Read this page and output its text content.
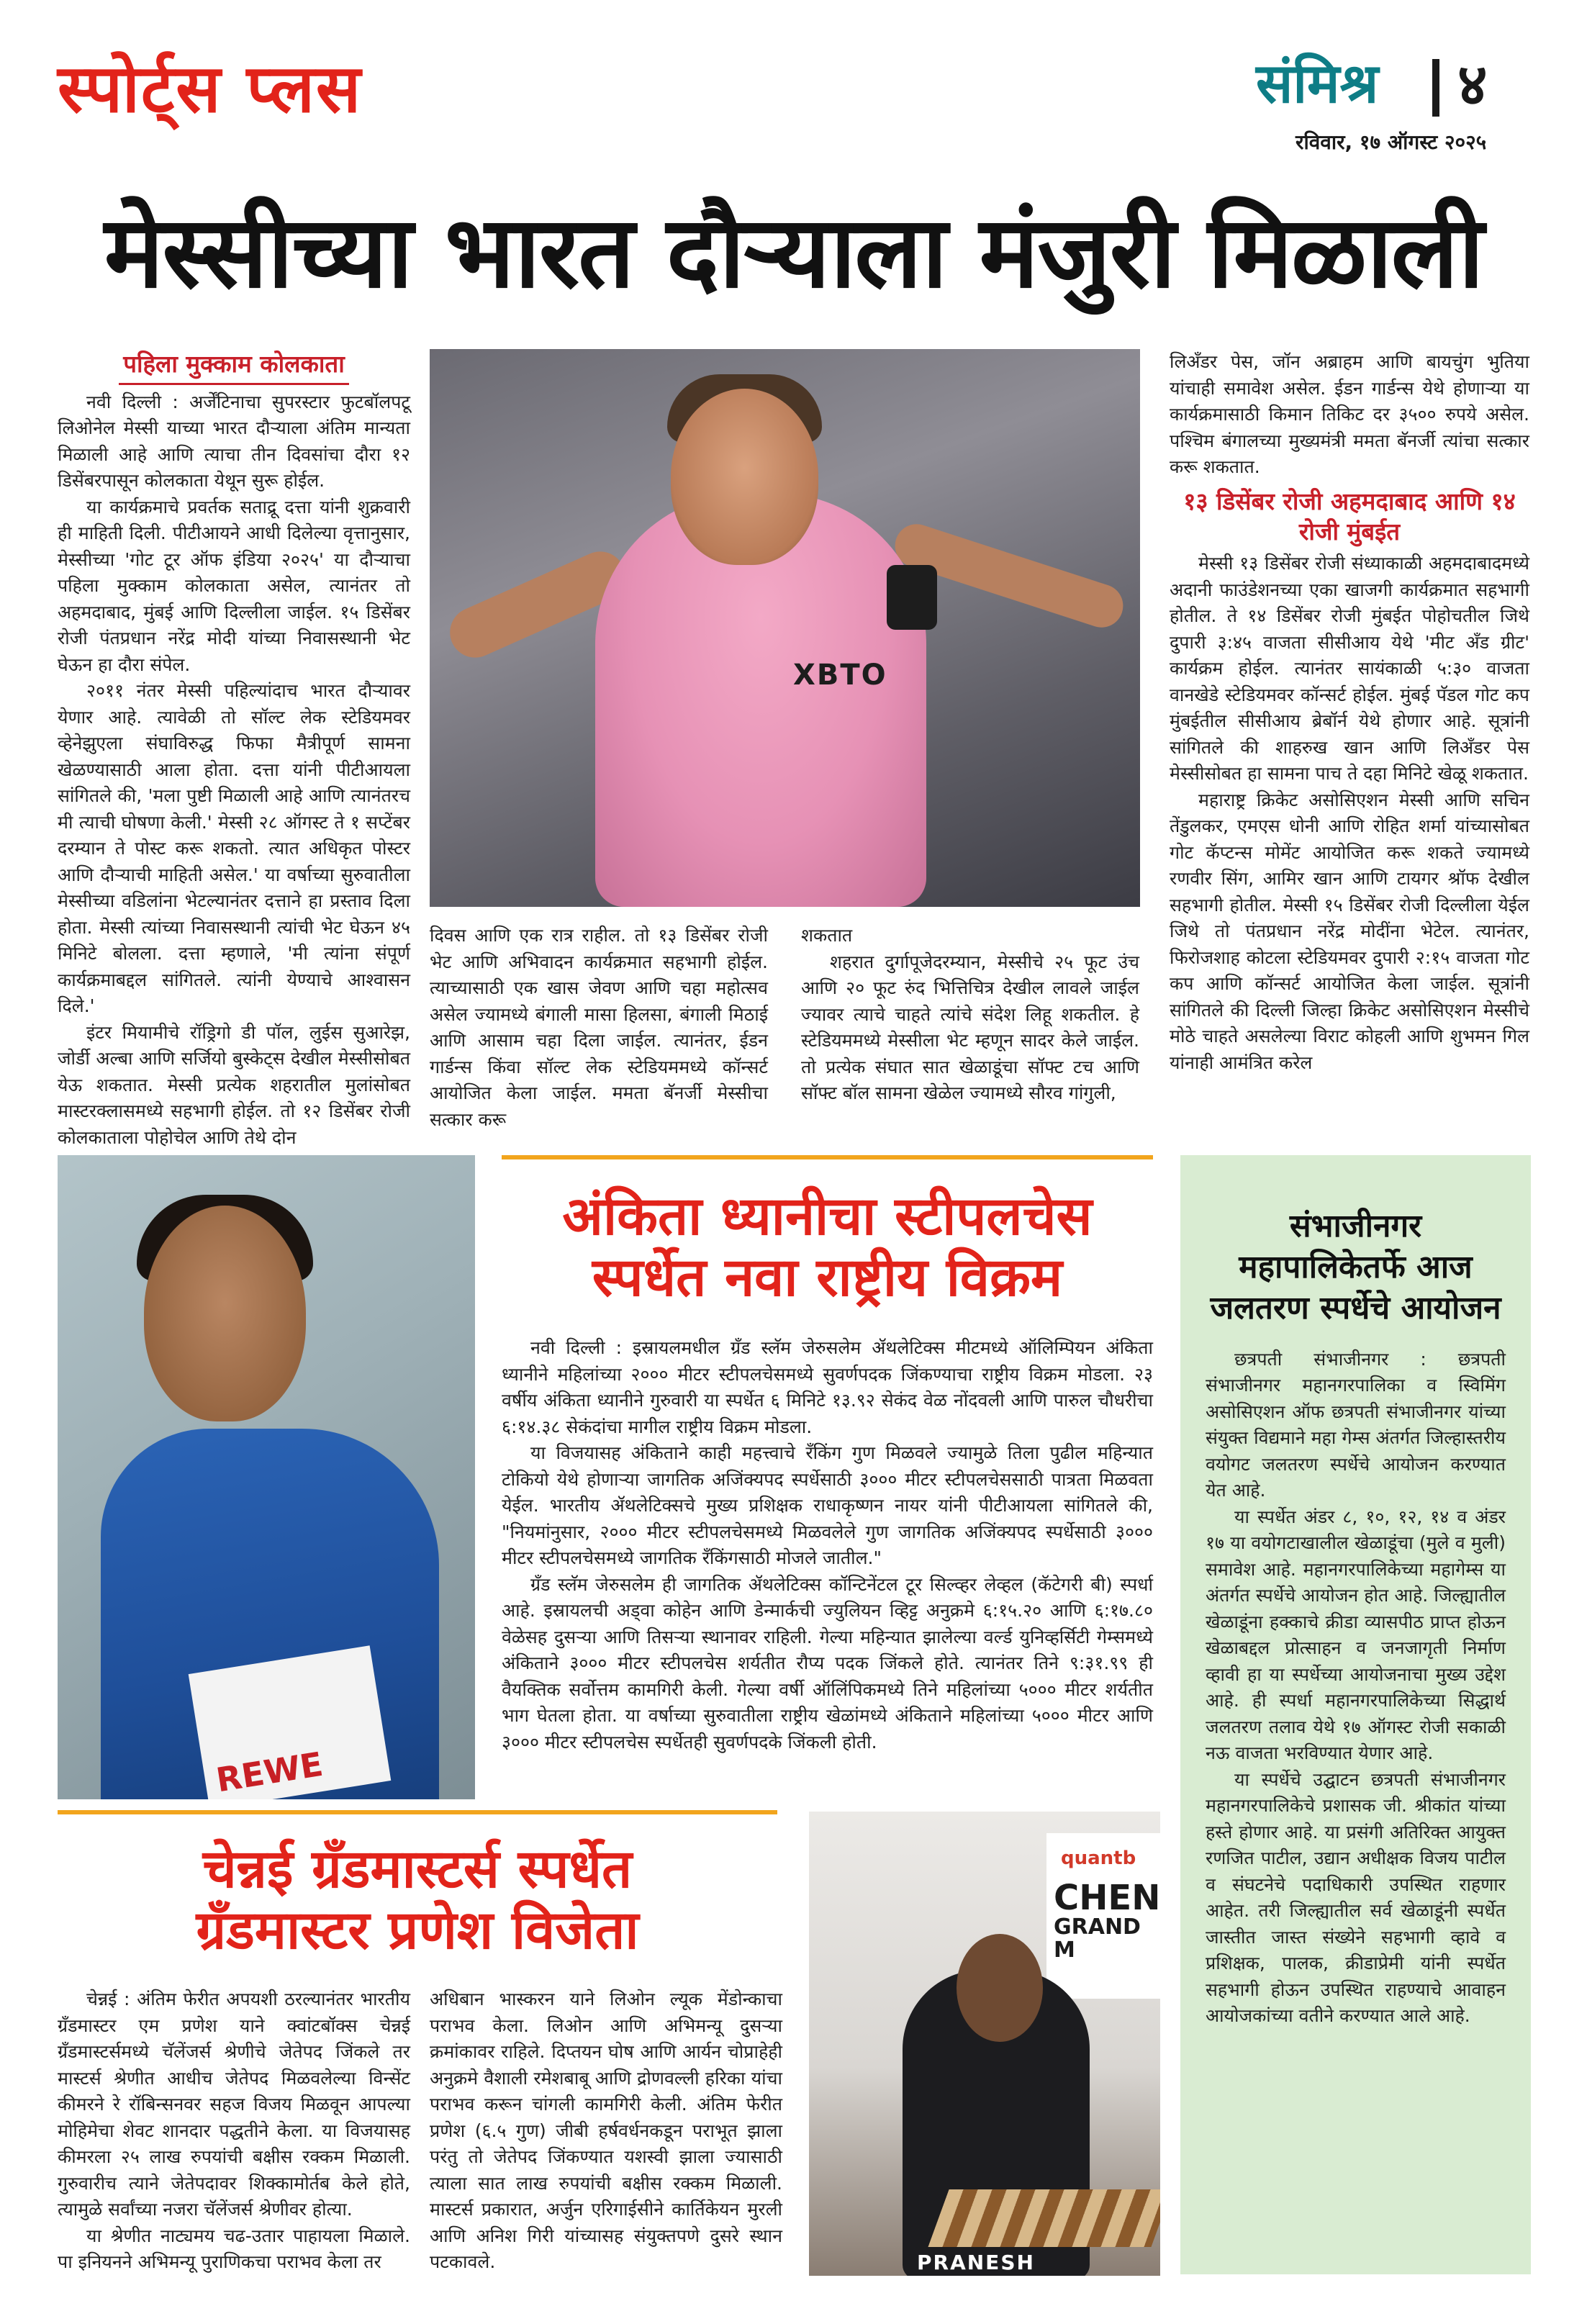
स्पोर्ट्स प्लस	संमिश्र ४
रविवार, १७ ऑगस्ट २०२५
मेस्सीच्या भारत दौऱ्याला मंजुरी मिळाली
पहिला मुक्काम कोलकाता

नवी दिल्ली : अर्जेंटिनाचा सुपरस्टार फुटबॉलपटू लिओनेल मेस्सी याच्या भारत दौऱ्याला अंतिम मान्यता मिळाली आहे आणि त्याचा तीन दिवसांचा दौरा १२ डिसेंबरपासून कोलकाता येथून सुरू होईल.

या कार्यक्रमाचे प्रवर्तक सताद्रू दत्ता यांनी शुक्रवारी ही माहिती दिली. पीटीआयने आधी दिलेल्या वृत्तानुसार, मेस्सीच्या 'गोट टूर ऑफ इंडिया २०२५' या दौऱ्याचा पहिला मुक्काम कोलकाता असेल, त्यानंतर तो अहमदाबाद, मुंबई आणि दिल्लीला जाईल. १५ डिसेंबर रोजी पंतप्रधान नरेंद्र मोदी यांच्या निवासस्थानी भेट घेऊन हा दौरा संपेल.

२०११ नंतर मेस्सी पहिल्यांदाच भारत दौऱ्यावर येणार आहे. त्यावेळी तो सॉल्ट लेक स्टेडियमवर व्हेनेझुएला संघाविरुद्ध फिफा मैत्रीपूर्ण सामना खेळण्यासाठी आला होता. दत्ता यांनी पीटीआयला सांगितले की, 'मला पुष्टी मिळाली आहे आणि त्यानंतरच मी त्याची घोषणा केली.' मेस्सी २८ ऑगस्ट ते १ सप्टेंबर दरम्यान ते पोस्ट करू शकतो. त्यात अधिकृत पोस्टर आणि दौऱ्याची माहिती असेल.' या वर्षाच्या सुरुवातीला मेस्सीच्या वडिलांना भेटल्यानंतर दत्ताने हा प्रस्ताव दिला होता. मेस्सी त्यांच्या निवासस्थानी त्यांची भेट घेऊन ४५ मिनिटे बोलला. दत्ता म्हणाले, 'मी त्यांना संपूर्ण कार्यक्रमाबद्दल सांगितले. त्यांनी येण्याचे आश्वासन दिले.'

इंटर मियामीचे रॉड्रिगो डी पॉल, लुईस सुआरेझ, जोर्डी अल्बा आणि सर्जियो बुस्केट्स देखील मेस्सीसोबत येऊ शकतात. मेस्सी प्रत्येक शहरातील मुलांसोबत मास्टरक्लासमध्ये सहभागी होईल. तो १२ डिसेंबर रोजी कोलकाताला पोहोचेल आणि तेथे दोन

XBTO

दिवस आणि एक रात्र राहील. तो १३ डिसेंबर रोजी भेट आणि अभिवादन कार्यक्रमात सहभागी होईल. त्याच्यासाठी एक खास जेवण आणि चहा महोत्सव असेल ज्यामध्ये बंगाली मासा हिलसा, बंगाली मिठाई आणि आसाम चहा दिला जाईल. त्यानंतर, ईडन गार्डन्स किंवा सॉल्ट लेक स्टेडियममध्ये कॉन्सर्ट आयोजित केला जाईल. ममता बॅनर्जी मेस्सीचा सत्कार करू

शकतात

शहरात दुर्गापूजेदरम्यान, मेस्सीचे २५ फूट उंच आणि २० फूट रुंद भित्तिचित्र देखील लावले जाईल ज्यावर त्याचे चाहते त्यांचे संदेश लिहू शकतील. हे स्टेडियममध्ये मेस्सीला भेट म्हणून सादर केले जाईल. तो प्रत्येक संघात सात खेळाडूंचा सॉफ्ट टच आणि सॉफ्ट बॉल सामना खेळेल ज्यामध्ये सौरव गांगुली,

लिअँडर पेस, जॉन अब्राहम आणि बायचुंग भुतिया यांचाही समावेश असेल. ईडन गार्डन्स येथे होणाऱ्या या कार्यक्रमासाठी किमान तिकिट दर ३५०० रुपये असेल. पश्चिम बंगालच्या मुख्यमंत्री ममता बॅनर्जी त्यांचा सत्कार करू शकतात.

१३ डिसेंबर रोजी अहमदाबाद आणि १४ रोजी मुंबईत

मेस्सी १३ डिसेंबर रोजी संध्याकाळी अहमदाबादमध्ये अदानी फाउंडेशनच्या एका खाजगी कार्यक्रमात सहभागी होतील. ते १४ डिसेंबर रोजी मुंबईत पोहोचतील जिथे दुपारी ३:४५ वाजता सीसीआय येथे 'मीट अँड ग्रीट' कार्यक्रम होईल. त्यानंतर सायंकाळी ५:३० वाजता वानखेडे स्टेडियमवर कॉन्सर्ट होईल. मुंबई पॅडल गोट कप मुंबईतील सीसीआय ब्रेबॉर्न येथे होणार आहे. सूत्रांनी सांगितले की शाहरुख खान आणि लिअँडर पेस मेस्सीसोबत हा सामना पाच ते दहा मिनिटे खेळू शकतात.

महाराष्ट्र क्रिकेट असोसिएशन मेस्सी आणि सचिन तेंडुलकर, एमएस धोनी आणि रोहित शर्मा यांच्यासोबत गोट कॅप्टन्स मोमेंट आयोजित करू शकते ज्यामध्ये रणवीर सिंग, आमिर खान आणि टायगर श्रॉफ देखील सहभागी होतील. मेस्सी १५ डिसेंबर रोजी दिल्लीला येईल जिथे तो पंतप्रधान नरेंद्र मोदींना भेटेल. त्यानंतर, फिरोजशाह कोटला स्टेडियमवर दुपारी २:१५ वाजता गोट कप आणि कॉन्सर्ट आयोजित केला जाईल. सूत्रांनी सांगितले की दिल्ली जिल्हा क्रिकेट असोसिएशन मेस्सीचे मोठे चाहते असलेल्या विराट कोहली आणि शुभमन गिल यांनाही आमंत्रित करेल

REWE
अंकिता ध्यानीचा स्टीपलचेस
स्पर्धेत नवा राष्ट्रीय विक्रम

नवी दिल्ली : इस्रायलमधील ग्रँड स्लॅम जेरुसलेम ॲथलेटिक्स मीटमध्ये ऑलिम्पियन अंकिता ध्यानीने महिलांच्या २००० मीटर स्टीपलचेसमध्ये सुवर्णपदक जिंकण्याचा राष्ट्रीय विक्रम मोडला. २३ वर्षीय अंकिता ध्यानीने गुरुवारी या स्पर्धेत ६ मिनिटे १३.९२ सेकंद वेळ नोंदवली आणि पारुल चौधरीचा ६:१४.३८ सेकंदांचा मागील राष्ट्रीय विक्रम मोडला.

या विजयासह अंकिताने काही महत्त्वाचे रँकिंग गुण मिळवले ज्यामुळे तिला पुढील महिन्यात टोकियो येथे होणाऱ्या जागतिक अजिंक्यपद स्पर्धेसाठी ३००० मीटर स्टीपलचेससाठी पात्रता मिळवता येईल. भारतीय ॲथलेटिक्सचे मुख्य प्रशिक्षक राधाकृष्णन नायर यांनी पीटीआयला सांगितले की, "नियमांनुसार, २००० मीटर स्टीपलचेसमध्ये मिळवलेले गुण जागतिक अजिंक्यपद स्पर्धेसाठी ३००० मीटर स्टीपलचेसमध्ये जागतिक रँकिंगसाठी मोजले जातील."

ग्रँड स्लॅम जेरुसलेम ही जागतिक ॲथलेटिक्स कॉन्टिनेंटल टूर सिल्व्हर लेव्हल (कॅटेगरी बी) स्पर्धा आहे. इस्रायलची अड्वा कोहेन आणि डेन्मार्कची ज्युलियन व्हिट्ट अनुक्रमे ६:१५.२० आणि ६:१७.८० वेळेसह दुसऱ्या आणि तिसऱ्या स्थानावर राहिली. गेल्या महिन्यात झालेल्या वर्ल्ड युनिव्हर्सिटी गेम्समध्ये अंकिताने ३००० मीटर स्टीपलचेस शर्यतीत रौप्य पदक जिंकले होते. त्यानंतर तिने ९:३१.९९ ही वैयक्तिक सर्वोत्तम कामगिरी केली. गेल्या वर्षी ऑलिंपिकमध्ये तिने महिलांच्या ५००० मीटर शर्यतीत भाग घेतला होता. या वर्षाच्या सुरुवातीला राष्ट्रीय खेळांमध्ये अंकिताने महिलांच्या ५००० मीटर आणि ३००० मीटर स्टीपलचेस स्पर्धेतही सुवर्णपदके जिंकली होती.

चेन्नई ग्रँडमास्टर्स स्पर्धेत
ग्रँडमास्टर प्रणेश विजेता

चेन्नई : अंतिम फेरीत अपयशी ठरल्यानंतर भारतीय ग्रँडमास्टर एम प्रणेश याने क्वांटबॉक्स चेन्नई ग्रँडमास्टर्समध्ये चॅलेंजर्स श्रेणीचे जेतेपद जिंकले तर मास्टर्स श्रेणीत आधीच जेतेपद मिळवलेल्या विन्सेंट कीमरने रे रॉबिन्सनवर सहज विजय मिळवून आपल्या मोहिमेचा शेवट शानदार पद्धतीने केला. या विजयासह कीमरला २५ लाख रुपयांची बक्षीस रक्कम मिळाली. गुरुवारीच त्याने जेतेपदावर शिक्कामोर्तब केले होते, त्यामुळे सर्वांच्या नजरा चॅलेंजर्स श्रेणीवर होत्या.

या श्रेणीत नाट्यमय चढ-उतार पाहायला मिळाले. पा इनियनने अभिमन्यू पुराणिकचा पराभव केला तर

अधिबान भास्करन याने लिओन ल्यूक मेंडोन्काचा पराभव केला. लिओन आणि अभिमन्यू दुसऱ्या क्रमांकावर राहिले. दिप्तयन घोष आणि आर्यन चोप्राहेही अनुक्रमे वैशाली रमेशबाबू आणि द्रोणवल्ली हरिका यांचा पराभव करून चांगली कामगिरी केली. अंतिम फेरीत प्रणेश (६.५ गुण) जीबी हर्षवर्धनकडून पराभूत झाला परंतु तो जेतेपद जिंकण्यात यशस्वी झाला ज्यासाठी त्याला सात लाख रुपयांची बक्षीस रक्कम मिळाली. मास्टर्स प्रकारात, अर्जुन एरिगाईसीने कार्तिकेयन मुरली आणि अनिश गिरी यांच्यासह संयुक्तपणे दुसरे स्थान पटकावले.

quantb
CHEN
GRAND M
PRANESH
संभाजीनगर महापालिकेतर्फे आज जलतरण स्पर्धेचे आयोजन

छत्रपती संभाजीनगर : छत्रपती संभाजीनगर महानगरपालिका व स्विमिंग असोसिएशन ऑफ छत्रपती संभाजीनगर यांच्या संयुक्त विद्यमाने महा गेम्स अंतर्गत जिल्हास्तरीय वयोगट जलतरण स्पर्धेचे आयोजन करण्यात येत आहे.

या स्पर्धेत अंडर ८, १०, १२, १४ व अंडर १७ या वयोगटाखालील खेळाडूंचा (मुले व मुली) समावेश आहे. महानगरपालिकेच्या महागेम्स या अंतर्गत स्पर्धेचे आयोजन होत आहे. जिल्ह्यातील खेळाडूंना हक्काचे क्रीडा व्यासपीठ प्राप्त होऊन खेळाबद्दल प्रोत्साहन व जनजागृती निर्माण व्हावी हा या स्पर्धेच्या आयोजनाचा मुख्य उद्देश आहे. ही स्पर्धा महानगरपालिकेच्या सिद्धार्थ जलतरण तलाव येथे १७ ऑगस्ट रोजी सकाळी नऊ वाजता भरविण्यात येणार आहे.

या स्पर्धेचे उद्घाटन छत्रपती संभाजीनगर महानगरपालिकेचे प्रशासक जी. श्रीकांत यांच्या हस्ते होणार आहे. या प्रसंगी अतिरिक्त आयुक्त रणजित पाटील, उद्यान अधीक्षक विजय पाटील व संघटनेचे पदाधिकारी उपस्थित राहणार आहेत. तरी जिल्ह्यातील सर्व खेळाडूंनी स्पर्धेत जास्तीत जास्त संख्येने सहभागी व्हावे व प्रशिक्षक, पालक, क्रीडाप्रेमी यांनी स्पर्धेत सहभागी होऊन उपस्थित राहण्याचे आवाहन आयोजकांच्या वतीने करण्यात आले आहे.
